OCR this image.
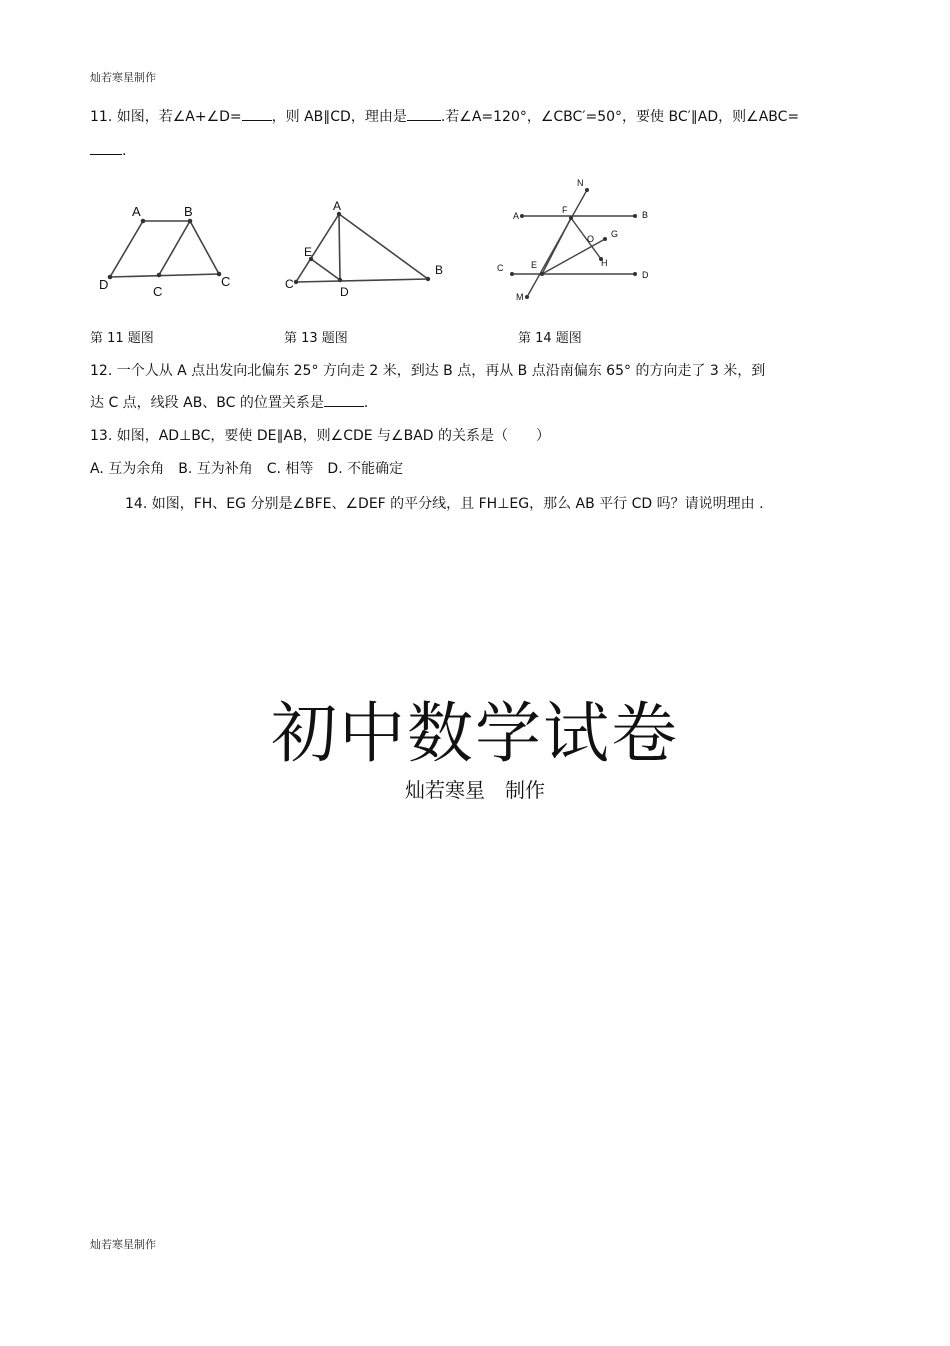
灿若寒星制作
11. 如图，若∠A+∠D= ，则 AB∥CD，理由是 .若∠A=120°，∠CBC′=50°，要使 BC′∥AD，则∠ABC=
.
A	B
D	C
C
A
B
C
D
E
N
A
F	B
O G
H
C	E
D
M
第 11 题图	第 13 题图	第 14 题图
12. 一个人从 A 点出发向北偏东 25° 方向走 2 米，到达 B 点，再从 B 点沿南偏东 65° 的方向走了 3 米，到
达 C 点，线段 AB、BC 的位置关系是	.
13. 如图，AD⊥BC，要使 DE∥AB，则∠CDE 与∠BAD 的关系是（　　）
A. 互为余角　B. 互为补角　C. 相等　D. 不能确定
14. 如图，FH、EG 分别是∠BFE、∠DEF 的平分线，且 FH⊥EG，那么 AB 平行 CD 吗？请说明理由 .
初中数学试卷
灿若寒星　制作
灿若寒星制作
